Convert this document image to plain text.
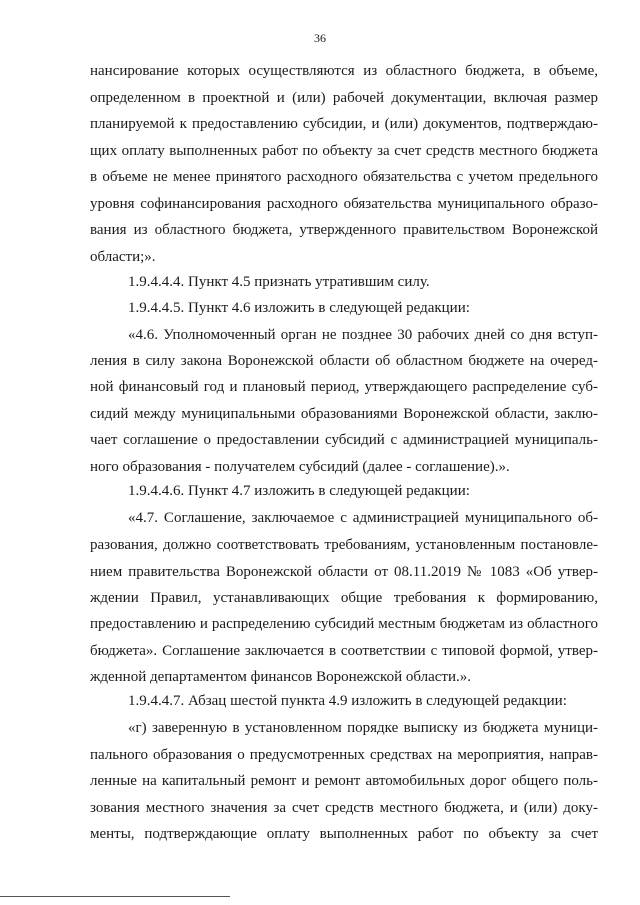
36
нансирование которых осуществляются из областного бюджета, в объеме,
определенном в проектной и (или) рабочей документации, включая размер
планируемой к предоставлению субсидии, и (или) документов, подтверждаю-
щих оплату выполненных работ по объекту за счет средств местного бюджета
в объеме не менее принятого расходного обязательства с учетом предельного
уровня софинансирования расходного обязательства муниципального образо-
вания из областного бюджета, утвержденного правительством Воронежской
области;».
1.9.4.4.4. Пункт 4.5 признать утратившим силу.
1.9.4.4.5. Пункт 4.6 изложить в следующей редакции:
«4.6. Уполномоченный орган не позднее 30 рабочих дней со дня вступ-
ления в силу закона Воронежской области об областном бюджете на очеред-
ной финансовый год и плановый период, утверждающего распределение суб-
сидий между муниципальными образованиями Воронежской области, заклю-
чает соглашение о предоставлении субсидий с администрацией муниципаль-
ного образования - получателем субсидий (далее - соглашение).».
1.9.4.4.6. Пункт 4.7 изложить в следующей редакции:
«4.7. Соглашение, заключаемое с администрацией муниципального об-
разования, должно соответствовать требованиям, установленным постановле-
нием правительства Воронежской области от 08.11.2019 № 1083 «Об утвер-
ждении Правил, устанавливающих общие требования к формированию,
предоставлению и распределению субсидий местным бюджетам из областного
бюджета». Соглашение заключается в соответствии с типовой формой, утвер-
жденной департаментом финансов Воронежской области.».
1.9.4.4.7. Абзац шестой пункта 4.9 изложить в следующей редакции:
«г) заверенную в установленном порядке выписку из бюджета муници-
пального образования о предусмотренных средствах на мероприятия, направ-
ленные на капитальный ремонт и ремонт автомобильных дорог общего поль-
зования местного значения за счет средств местного бюджета, и (или) доку-
менты, подтверждающие оплату выполненных работ по объекту за счет
